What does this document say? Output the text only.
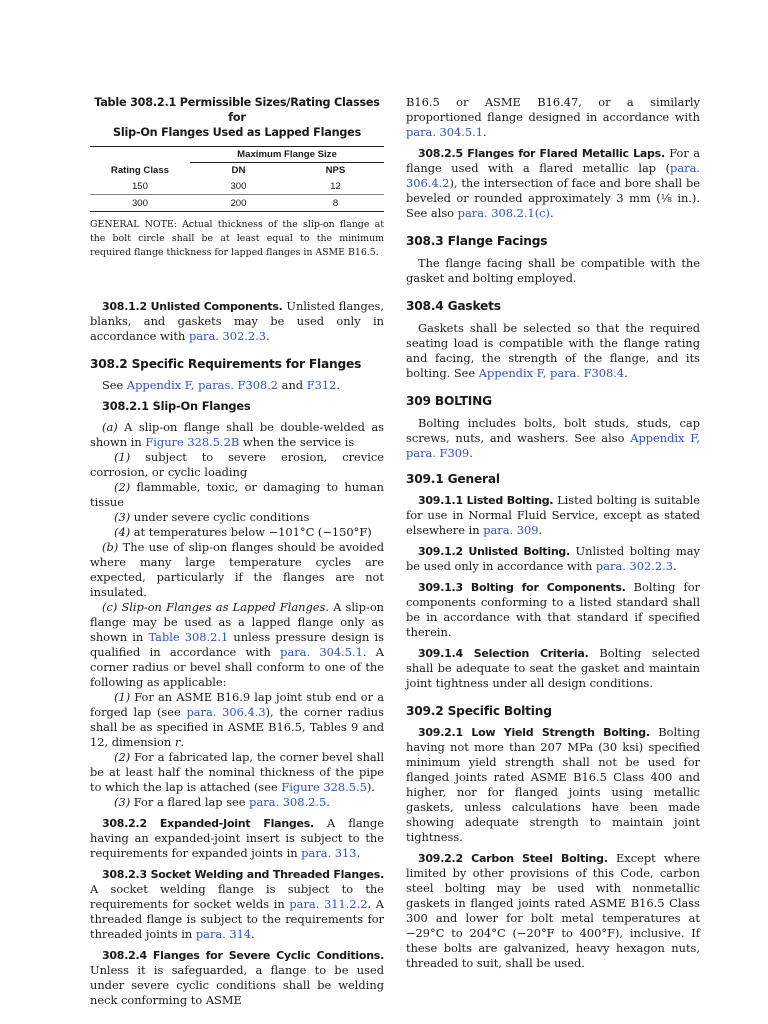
Table 308.2.1 Permissible Sizes/Rating Classes for
Slip-On Flanges Used as Lapped Flanges

	Maximum Flange Size	
Rating Class	DN	NPS
150	300	12
300	200	8

GENERAL NOTE: Actual thickness of the slip-on flange at the bolt circle shall be at least equal to the minimum required flange thickness for lapped flanges in ASME B16.5.

308.1.2 Unlisted Components. Unlisted flanges, blanks, and gaskets may be used only in accordance with para. 302.2.3.

308.2 Specific Requirements for Flanges

See Appendix F, paras. F308.2 and F312.

308.2.1 Slip-On Flanges

(a) A slip-on flange shall be double-welded as shown in Figure 328.5.2B when the service is

(1) subject to severe erosion, crevice corrosion, or cyclic loading

(2) flammable, toxic, or damaging to human tissue

(3) under severe cyclic conditions

(4) at temperatures below −101°C (−150°F)

(b) The use of slip-on flanges should be avoided where many large temperature cycles are expected, particularly if the flanges are not insulated.

(c) Slip-on Flanges as Lapped Flanges. A slip-on flange may be used as a lapped flange only as shown in Table 308.2.1 unless pressure design is qualified in accordance with para. 304.5.1. A corner radius or bevel shall conform to one of the following as applicable:

(1) For an ASME B16.9 lap joint stub end or a forged lap (see para. 306.4.3), the corner radius shall be as specified in ASME B16.5, Tables 9 and 12, dimension r.

(2) For a fabricated lap, the corner bevel shall be at least half the nominal thickness of the pipe to which the lap is attached (see Figure 328.5.5).

(3) For a flared lap see para. 308.2.5.

308.2.2 Expanded-Joint Flanges. A flange having an expanded-joint insert is subject to the requirements for expanded joints in para. 313.

308.2.3 Socket Welding and Threaded Flanges. A socket welding flange is subject to the requirements for socket welds in para. 311.2.2. A threaded flange is subject to the requirements for threaded joints in para. 314.

308.2.4 Flanges for Severe Cyclic Conditions. Unless it is safeguarded, a flange to be used under severe cyclic conditions shall be welding neck conforming to ASME

B16.5 or ASME B16.47, or a similarly proportioned flange designed in accordance with para. 304.5.1.

308.2.5 Flanges for Flared Metallic Laps. For a flange used with a flared metallic lap (para. 306.4.2), the intersection of face and bore shall be beveled or rounded approximately 3 mm (¹⁄₈ in.). See also para. 308.2.1(c).

308.3 Flange Facings

The flange facing shall be compatible with the gasket and bolting employed.

308.4 Gaskets

Gaskets shall be selected so that the required seating load is compatible with the flange rating and facing, the strength of the flange, and its bolting. See Appendix F, para. F308.4.

309 BOLTING

Bolting includes bolts, bolt studs, studs, cap screws, nuts, and washers. See also Appendix F, para. F309.

309.1 General

309.1.1 Listed Bolting. Listed bolting is suitable for use in Normal Fluid Service, except as stated elsewhere in para. 309.

309.1.2 Unlisted Bolting. Unlisted bolting may be used only in accordance with para. 302.2.3.

309.1.3 Bolting for Components. Bolting for components conforming to a listed standard shall be in accordance with that standard if specified therein.

309.1.4 Selection Criteria. Bolting selected shall be adequate to seat the gasket and maintain joint tightness under all design conditions.

309.2 Specific Bolting

309.2.1 Low Yield Strength Bolting. Bolting having not more than 207 MPa (30 ksi) specified minimum yield strength shall not be used for flanged joints rated ASME B16.5 Class 400 and higher, nor for flanged joints using metallic gaskets, unless calculations have been made showing adequate strength to maintain joint tightness.

309.2.2 Carbon Steel Bolting. Except where limited by other provisions of this Code, carbon steel bolting may be used with nonmetallic gaskets in flanged joints rated ASME B16.5 Class 300 and lower for bolt metal temperatures at −29°C to 204°C (−20°F to 400°F), inclusive. If these bolts are galvanized, heavy hexagon nuts, threaded to suit, shall be used.
